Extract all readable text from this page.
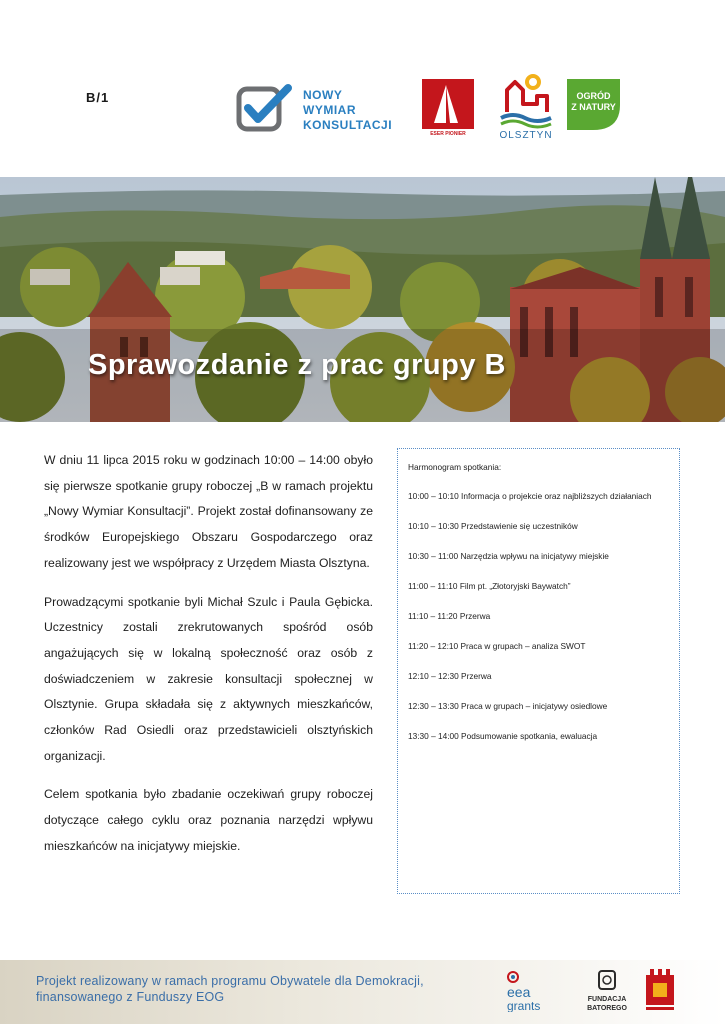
B/1	NOWY
WYMIAR
KONSULTACJI
ESER PIONIER	OLSZTYN
OGRÓD
Z NATURY
Sprawozdanie z prac grupy B

W dniu 11 lipca 2015 roku w godzinach 10:00 – 14:00 obyło się pierwsze spotkanie grupy roboczej „B w ramach projektu „Nowy Wymiar Konsultacji”. Projekt został dofinansowany ze środków Europejskiego Obszaru Gospodarczego oraz realizowany jest we współpracy z Urzędem Miasta Olsztyna.

Prowadzącymi spotkanie byli Michał Szulc i Paula Gębicka. Uczestnicy zostali zrekrutowanych spośród osób angażujących się w lokalną społeczność oraz osób z doświadczeniem w zakresie konsultacji społecznej w Olsztynie. Grupa składała się z aktywnych mieszkańców, członków Rad Osiedli oraz przedstawicieli olsztyńskich organizacji.

Celem spotkania było zbadanie oczekiwań grupy roboczej dotyczące całego cyklu oraz poznania narzędzi wpływu mieszkańców na inicjatywy miejskie.

Harmonogram spotkania:
10:00 – 10:10 Informacja o projekcie oraz najbliższych działaniach
10:10 – 10:30 Przedstawienie się uczestników
10:30 – 11:00 Narzędzia wpływu na inicjatywy miejskie
11:00 – 11:10 Film pt. „Złotoryjski Baywatch”
11:10 – 11:20 Przerwa
11:20 – 12:10 Praca w grupach – analiza SWOT
12:10 – 12:30 Przerwa
12:30 – 13:30 Praca w grupach – inicjatywy osiedlowe
13:30 – 14:00 Podsumowanie spotkania, ewaluacja
Projekt realizowany w ramach programu Obywatele dla Demokracji,
finansowanego z Funduszy EOG	eea
grants	FUNDACJA
BATOREGO
